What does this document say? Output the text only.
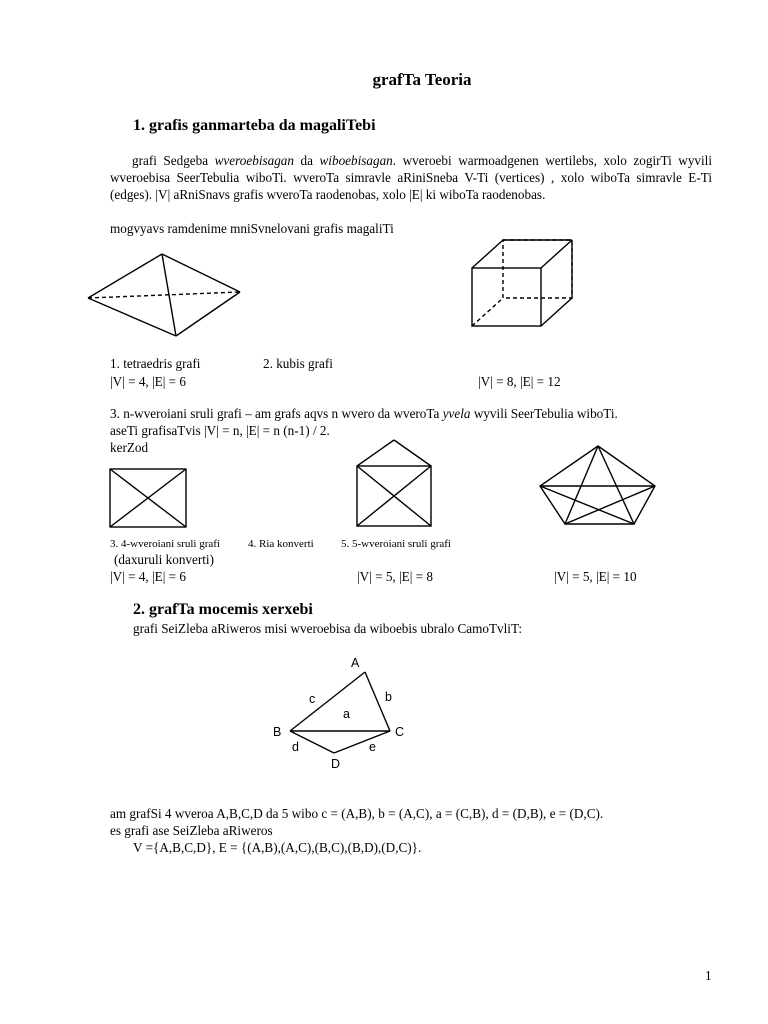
grafTa Teoria
1. grafis ganmarteba da magaliTebi
grafi Sedgeba wveroebisagan da wiboebisagan. wveroebi warmoadgenen wertilebs, xolo zogirTi wyvili wveroebisa SeerTebulia wiboTi. wveroTa simravle aRiniSneba V-Ti (vertices) , xolo wiboTa simravle E-Ti (edges). |V| aRniSnavs grafis wveroTa raodenobas, xolo |E| ki wiboTa raodenobas.
mogvyavs ramdenime mniSvnelovani grafis magaliTi
1. tetraedris grafi	2. kubis grafi
|V| = 4, |E| = 6	|V| = 8, |E| = 12
3. n-wveroiani sruli grafi – am grafs aqvs n wvero da wveroTa yvela wyvili SeerTebulia wiboTi.
aseTi grafisaTvis |V| = n, |E| = n (n-1) / 2.
kerZod
3. 4-wveroiani sruli grafi	4. Ria konverti 5. 5-wveroiani sruli grafi
(daxuruli konverti)
|V| = 4, |E| = 6	|V| = 5, |E| = 8	|V| = 5, |E| = 10
2. grafTa mocemis xerxebi
grafi SeiZleba aRiweros misi wveroebisa da wiboebis ubralo CamoTvliT:
A
B	C
D
a
b
c
d	e
am grafSi 4 wveroa A,B,C,D da 5 wibo c = (A,B), b = (A,C), a = (C,B), d = (D,B), e = (D,C).
es grafi ase SeiZleba aRiweros
V ={A,B,C,D}, E = {(A,B),(A,C),(B,C),(B,D),(D,C)}.
1
